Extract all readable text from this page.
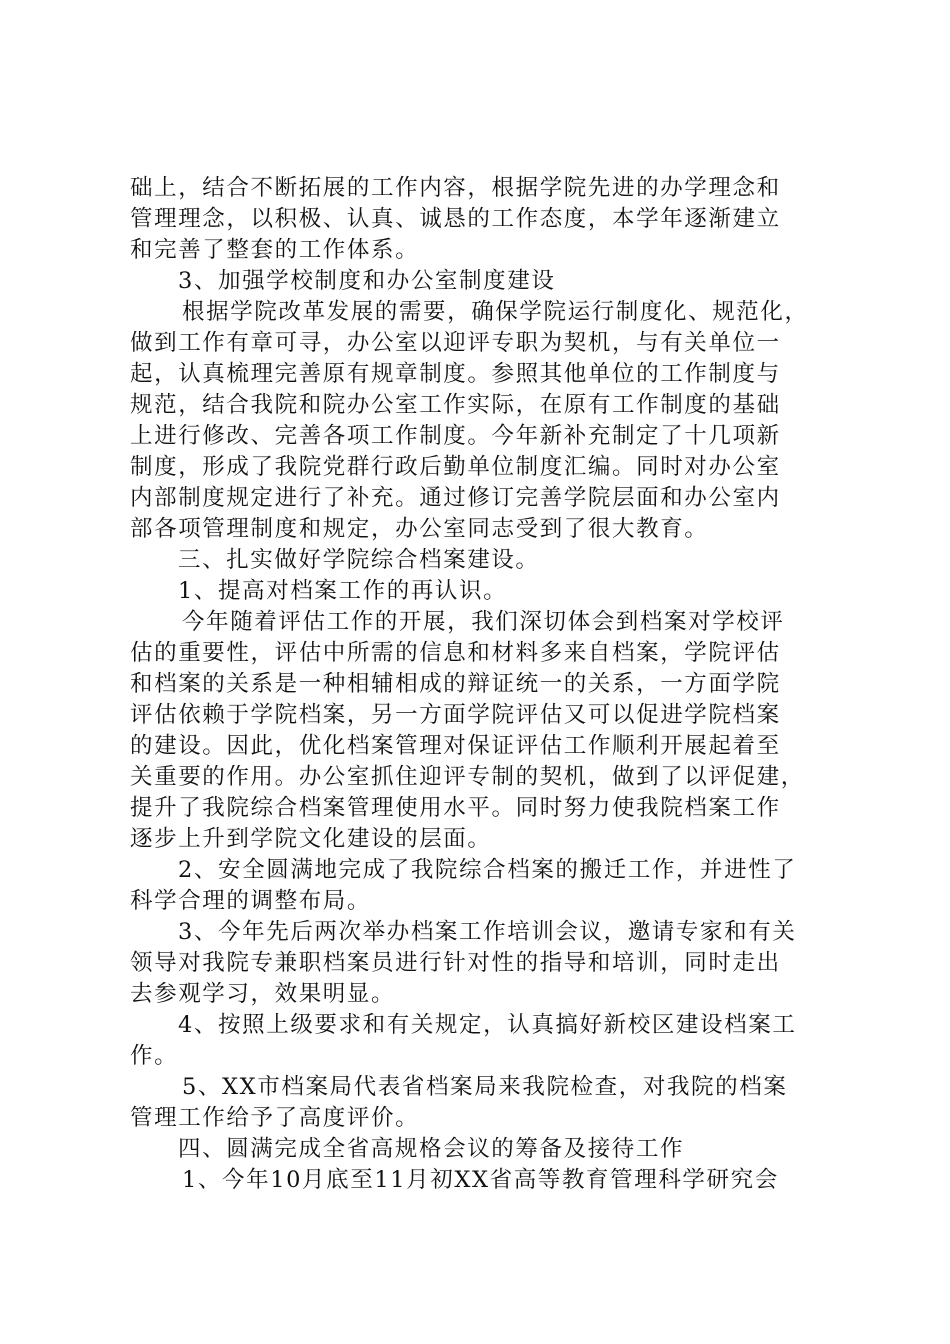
础上，结合不断拓展的工作内容，根据学院先进的办学理念和
管理理念，以积极、认真、诚恳的工作态度，本学年逐渐建立
和完善了整套的工作体系。
3、加强学校制度和办公室制度建设
根据学院改革发展的需要，确保学院运行制度化、规范化，
做到工作有章可寻，办公室以迎评专职为契机，与有关单位一
起，认真梳理完善原有规章制度。参照其他单位的工作制度与
规范，结合我院和院办公室工作实际，在原有工作制度的基础
上进行修改、完善各项工作制度。今年新补充制定了十几项新
制度，形成了我院党群行政后勤单位制度汇编。同时对办公室
内部制度规定进行了补充。通过修订完善学院层面和办公室内
部各项管理制度和规定，办公室同志受到了很大教育。
三、扎实做好学院综合档案建设。
1、提高对档案工作的再认识。
今年随着评估工作的开展，我们深切体会到档案对学校评
估的重要性，评估中所需的信息和材料多来自档案，学院评估
和档案的关系是一种相辅相成的辩证统一的关系，一方面学院
评估依赖于学院档案，另一方面学院评估又可以促进学院档案
的建设。因此，优化档案管理对保证评估工作顺利开展起着至
关重要的作用。办公室抓住迎评专制的契机，做到了以评促建，
提升了我院综合档案管理使用水平。同时努力使我院档案工作
逐步上升到学院文化建设的层面。
2、安全圆满地完成了我院综合档案的搬迁工作，并进性了
科学合理的调整布局。
3、今年先后两次举办档案工作培训会议，邀请专家和有关
领导对我院专兼职档案员进行针对性的指导和培训，同时走出
去参观学习，效果明显。
4、按照上级要求和有关规定，认真搞好新校区建设档案工
作。
5、XX市档案局代表省档案局来我院检查，对我院的档案
管理工作给予了高度评价。
四、圆满完成全省高规格会议的筹备及接待工作
1、今年10月底至11月初XX省高等教育管理科学研究会
